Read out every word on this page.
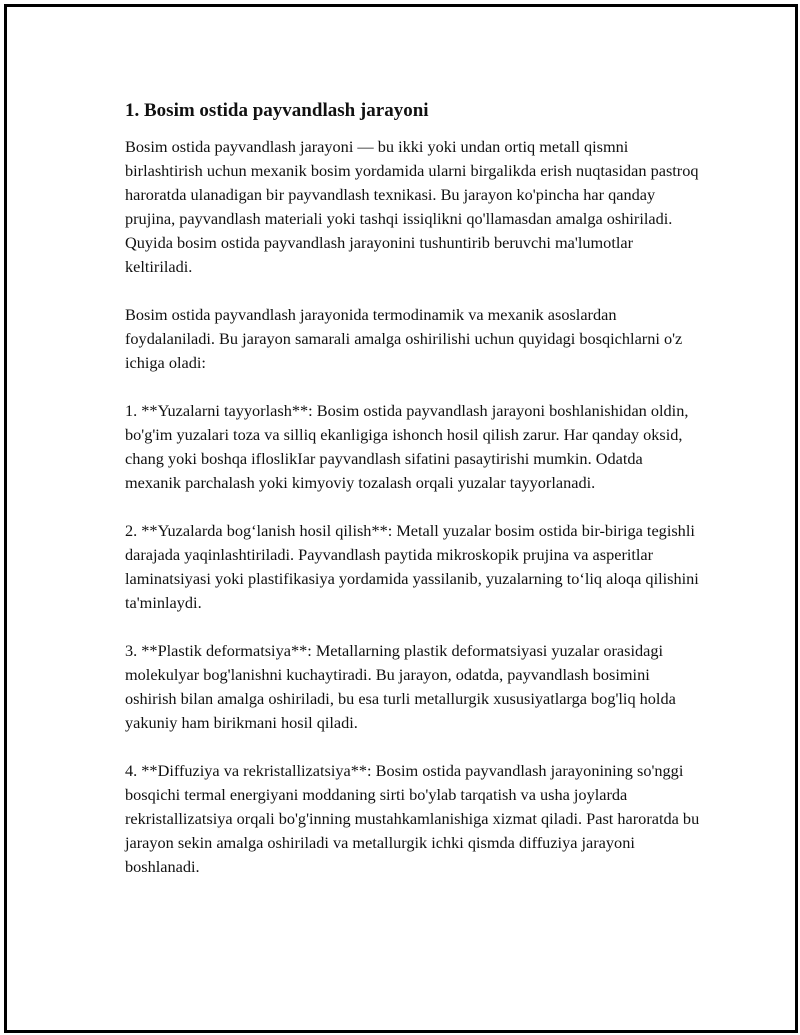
1. Bosim ostida payvandlash jarayoni

Bosim ostida payvandlash jarayoni — bu ikki yoki undan ortiq metall qismni birlashtirish uchun mexanik bosim yordamida ularni birgalikda erish nuqtasidan pastroq haroratda ulanadigan bir payvandlash texnikasi. Bu jarayon ko'pincha har qanday prujina, payvandlash materiali yoki tashqi issiqlikni qo'llamasdan amalga oshiriladi. Quyida bosim ostida payvandlash jarayonini tushuntirib beruvchi ma'lumotlar keltiriladi.

Bosim ostida payvandlash jarayonida termodinamik va mexanik asoslardan foydalaniladi. Bu jarayon samarali amalga oshirilishi uchun quyidagi bosqichlarni o'z ichiga oladi:

1. **Yuzalarni tayyorlash**: Bosim ostida payvandlash jarayoni boshlanishidan oldin, bo'g'im yuzalari toza va silliq ekanligiga ishonch hosil qilish zarur. Har qanday oksid, chang yoki boshqa ifloslikIar payvandlash sifatini pasaytirishi mumkin. Odatda mexanik parchalash yoki kimyoviy tozalash orqali yuzalar tayyorlanadi.

2. **Yuzalarda bog‘lanish hosil qilish**: Metall yuzalar bosim ostida bir-biriga tegishli darajada yaqinlashtiriladi. Payvandlash paytida mikroskopik prujina va asperitlar laminatsiyasi yoki plastifikasiya yordamida yassilanib, yuzalarning to‘liq aloqa qilishini ta'minlaydi.

3. **Plastik deformatsiya**: Metallarning plastik deformatsiyasi yuzalar orasidagi molekulyar bog'lanishni kuchaytiradi. Bu jarayon, odatda, payvandlash bosimini oshirish bilan amalga oshiriladi, bu esa turli metallurgik xususiyatlarga bog'liq holda yakuniy ham birikmani hosil qiladi.

4. **Diffuziya va rekristallizatsiya**: Bosim ostida payvandlash jarayonining so'nggi bosqichi termal energiyani moddaning sirti bo'ylab tarqatish va usha joylarda rekristallizatsiya orqali bo'g'inning mustahkamlanishiga xizmat qiladi. Past haroratda bu jarayon sekin amalga oshiriladi va metallurgik ichki qismda diffuziya jarayoni boshlanadi.
